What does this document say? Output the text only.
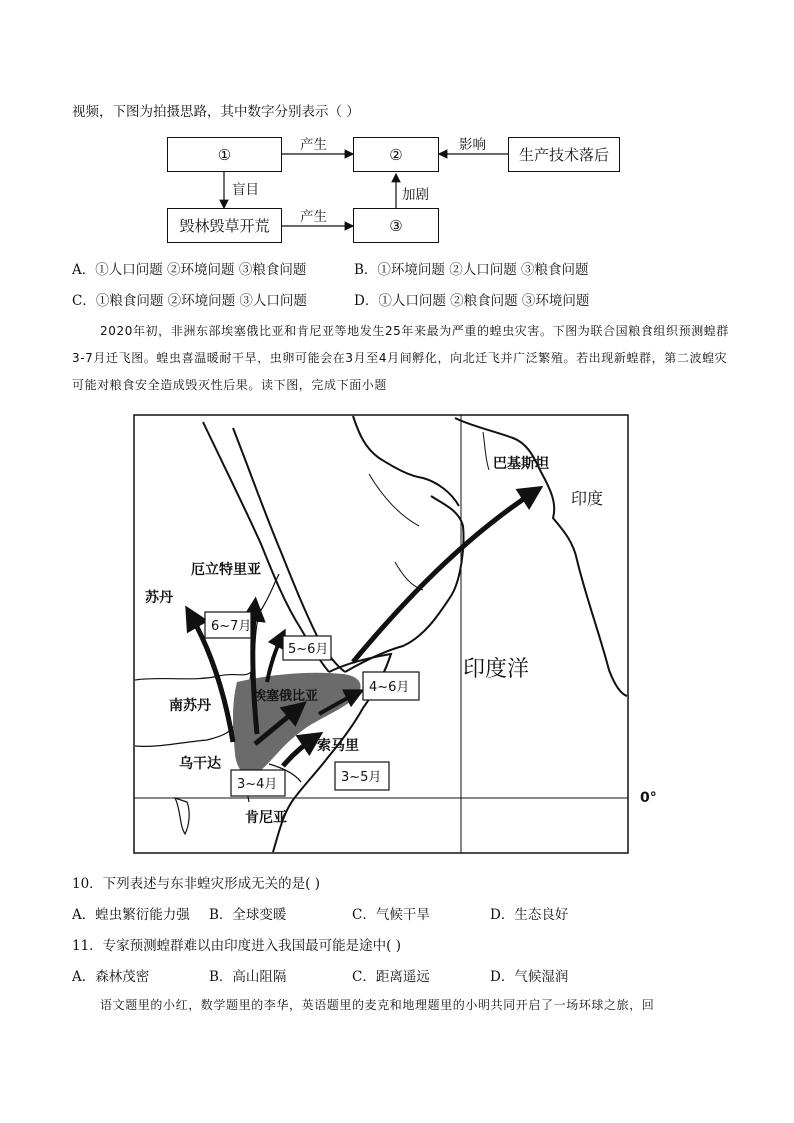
视频，下图为拍摄思路，其中数字分别表示（ ）
①	②	生产技术落后
毁林毁草开荒	③
产生	影响
盲目
产生
加剧
A．①人口问题 ②环境问题 ③粮食问题	B．①环境问题 ②人口问题 ③粮食问题
C．①粮食问题 ②环境问题 ③人口问题	D．①人口问题 ②粮食问题 ③环境问题
2020年初，非洲东部埃塞俄比亚和肯尼亚等地发生25年来最为严重的蝗虫灾害。下图为联合国粮食组织预测蝗群3-7月迁飞图。蝗虫喜温暖耐干旱，虫卵可能会在3月至4月间孵化，向北迁飞并广泛繁殖。若出现新蝗群，第二波蝗灾可能对粮食安全造成毁灭性后果。读下图，完成下面小题
6~7月
5~6月
4~6月
3~4月	3~5月
巴基斯坦
印度
厄立特里亚
苏丹
南苏丹
埃塞俄比亚
乌干达
索马里
肯尼亚
印度洋
0°
10．下列表述与东非蝗灾形成无关的是( )
A．蝗虫繁衍能力强 B．全球变暖	C．气候干旱	D．生态良好
11．专家预测蝗群难以由印度进入我国最可能是途中( )
A．森林茂密	B．高山阻隔	C．距离遥远	D．气候湿润
语文题里的小红，数学题里的李华，英语题里的麦克和地理题里的小明共同开启了一场环球之旅，回
